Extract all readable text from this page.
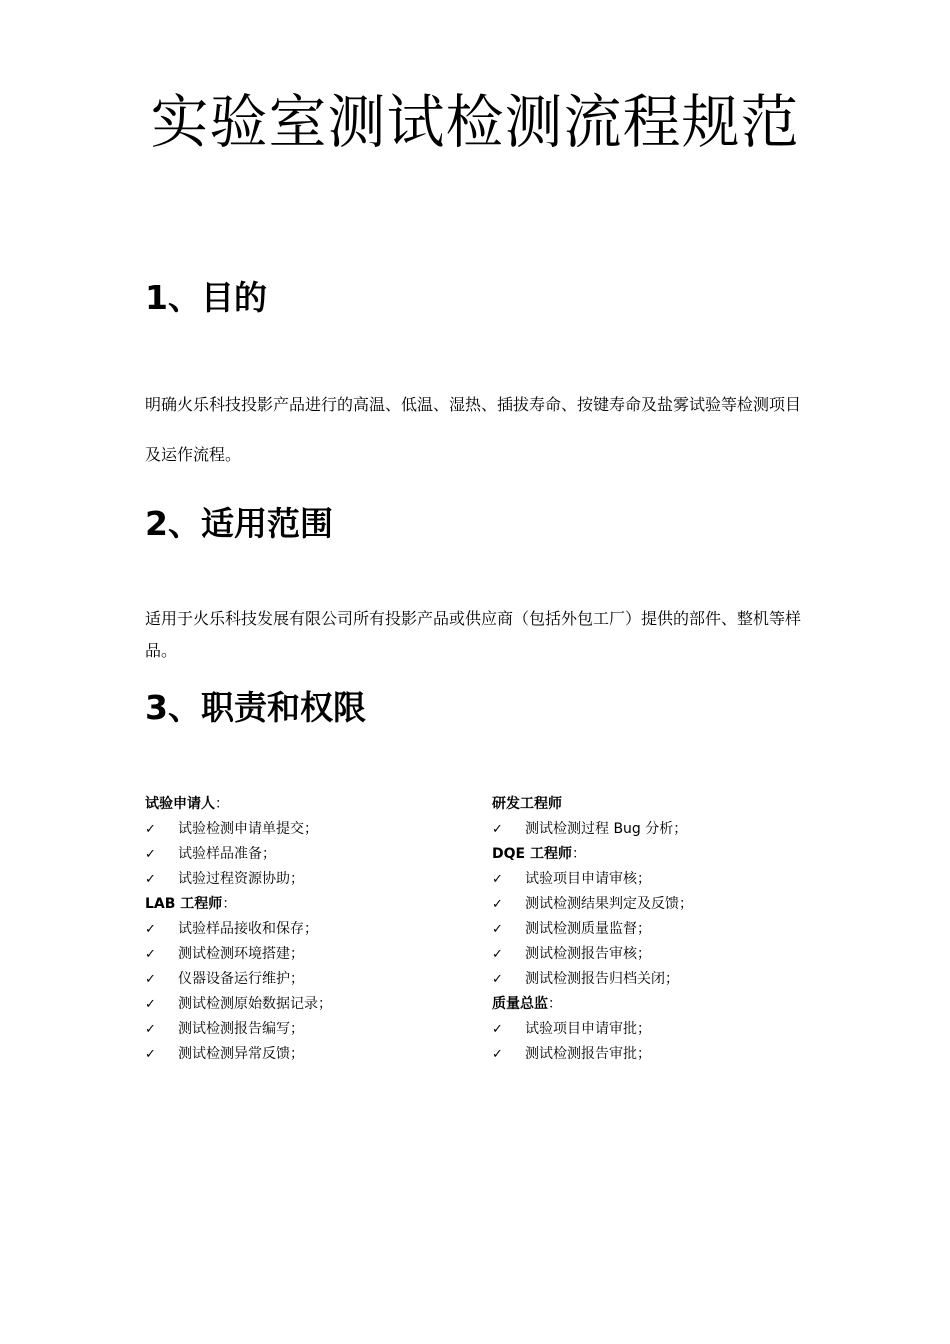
实验室测试检测流程规范
1、目的

明确火乐科技投影产品进行的高温、低温、湿热、插拔寿命、按键寿命及盐雾试验等检测项目及运作流程。

2、适用范围

适用于火乐科技发展有限公司所有投影产品或供应商（包括外包工厂）提供的部件、整机等样品。

3、职责和权限
试验申请人：
✓	试验检测申请单提交；
✓	试验样品准备；
✓	试验过程资源协助；
LAB 工程师：
✓	试验样品接收和保存；
✓	测试检测环境搭建；
✓	仪器设备运行维护；
✓	测试检测原始数据记录；
✓	测试检测报告编写；
✓	测试检测异常反馈；
研发工程师
✓	测试检测过程 Bug 分析；
DQE 工程师：
✓	试验项目申请审核；
✓	测试检测结果判定及反馈；
✓	测试检测质量监督；
✓	测试检测报告审核；
✓	测试检测报告归档关闭；
质量总监：
✓	试验项目申请审批；
✓	测试检测报告审批；
